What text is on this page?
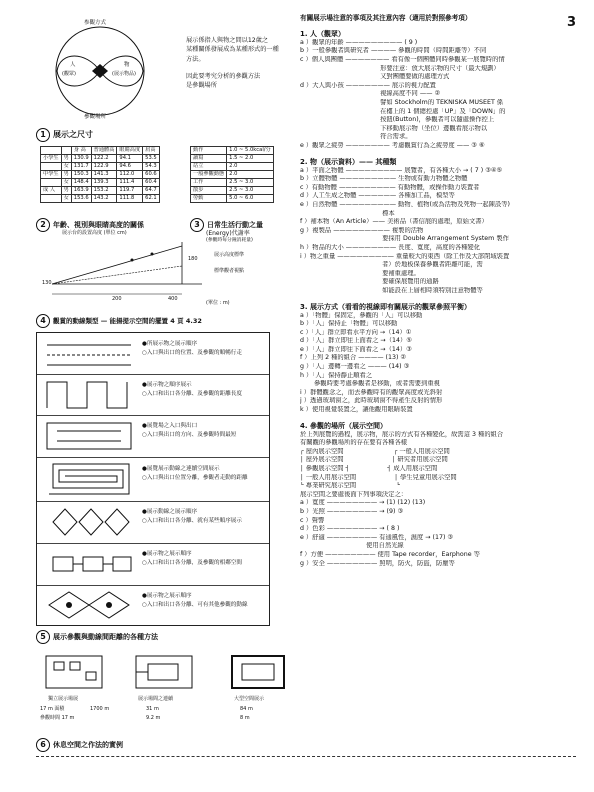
3
参觀方式
人
(觀眾)
物
(展示物品)
參觀場所
展示係指人與物之間以12歲之
某種關係發展成為某種形式的一種
方法。
因此要考究分析的參觀方法
是參觀場所
1 展示之尺寸
		身 高	普通體高	眼睛高度	肩高
小學生	男	130.9	122.2	94.1	53.5
	女	131.7	122.9	94.6	54.3
中學生	男	150.3	141.3	112.0	60.6
	女	148.4	139.3	111.4	60.4
成 人	男	163.9	153.2	119.7	64.7
	女	153.6	143.2	111.8	62.1
動作	1.0 ~ 5.0kcal/分
讀寫	1.5 ~ 2.0
站立	2.0
一般參觀動態	2.0
工作	2.5 ~ 3.0
散步	2.5 ~ 3.0
勞動	5.0 ~ 6.0
2 年齡、視別與眼睛高度的關係
展示台的設置高度 (單位 cm)
3 日常生活行動之量
(Energy)代謝率
(參觀時每分鐘消耗量)
130
180
200	400
展示高度標準
標準觀者視點
(單位 : m)
4 觀賞的動線類型 — 能揚提示空間的擺置 4 頁 4.32
●所展示物之展示順序
○入口與出口的位置、及參觀的順暢行走
●展示物之順序展示
○入口和出口各分離、及參觀的距離長度
●展覽場之入口與出口
○入口與出口的方向、及參觀時間最短
●展覽展示動線之連續空間展示
○入口與出口位置分離，參觀者走動的距離
●展示動線之展示順序
○入口和出口各分離、就有某些順序展示
●展示物之展示順序
○入口和出口各分離，及參觀的相鄰空間
●展示物之展示順序
○入口和出口各分離、可有其他參觀的動線
5 展示參觀與動線間距離的各種方法
獨立展示場展	展示場間之連續	大型空間展示
17 m 面積	1700 m	31 m	84 m
參觀時間 17 m	9.2 m	8 m
6 休息空間之作法的實例
有關展示場注意的事項及其注意內容（適用於對照參考項）
1. 人（觀眾）
a ）觀眾的年齡 ————————— ( 9 )
b ）一般參觀者與研究者 ———— 參觀的時間（時間距離等）不同
c ）個人與團體 ——————— 看有像一個團體同時參觀某一展覽時的情
形要注意：放大展示物的尺寸（最大規劃）
又對團體要做的處理方式
d ）大人與小孩 ——————— 展示的視力配置
視線高度不同 —— ②
譬如 Stockholm的 TEKNISKA MUSEET 係
在樓上的 1 個總控處「UP」及「DOWN」的
按鈕(Button)，參觀者可以隨處操作控上
下移動展示物（坐位）邊觀看展示物以
符合需求。
e ）觀眾之疲勞 ——————— 考慮觀賞行為之疲勞度 —— ③ ⑥
2. 物（展示資料）—— 其種類
a ）平面之物體 ————————— 展覽者，有各種大小 → ( 7 ) ③④⑤
b ）立體物體 ————————— 生物或有動力物體之物體
c ）有動物體 ————————— 有動物體，或操作動力裝置者
d ）人工生成之物體 —————— 各種加工品，模型等
e ）自然物體 ————————— 動物、植物(或為活物及死物一起陳設等)
標本
f ）補本物（An Article）—— 美術品（書信展的處理，原始文書）
g ）複製品 ————————— 複製的活物
要採用 Double Arrangement System 製作
h ）物品的大小 ———————— 長度、寬度，高度的各種變化
i ）物之重量 ————————— 重量較大的東西（除工作及大部閉域裝置
者）於地板保養參觀者距離可能，需
要補重處理。
要確保展覽用的通路
如能設在上層相時須特別注意物體等
3. 展示方式（看看的視線即有關展示的觀眾參照平衡）
a ）「物體」保固定，參觀的「人」可以移動
b ）「人」保持止「物體」可以移動
c ）「人」群立即看水平方向 →（14）①
d ）「人」群立即往上面看之 →（14）⑤
e ）「人」群立即往下面看之 →（14）③
f ）上列 2 種的組合 ———— (13) ②
g ）「人」邊轉一邊看之 ——— (14) ③
h ）「人」保持靜止順看之
參觀時要考處參觀者是移動，或者需要到重視
i ）群體觀念之，而去參觀時有的觀眾高度或光斜射
j ）透過玻璃窗之，此時玻璃窗不得產生反射的情形
k ）使用視覺裝置之，讓他觀用眼睛裝置
4. 參觀的場所（展示空間）
於上列展覽的過程，展示物，展示的方式有各種變化，故需這 3 種的組合
有關觀的參觀場所的存在要有各種各樣
┌ 屋內展示空間                         ┌ 一般人用展示空間
│ 屋外展示空間                        │ 研究者用展示空間
│ 參觀展示空間 ┤                   ┤ 成人用展示空間
│ 一般人用展示空間                   │ 學生兒童用展示空間
└ 專業研究展示空間                    └
展示空間之要處後面下列事項決定之：
a ）寬度 ———————— → (1) (12) (13)
b ）光照 ———————— → (9) ③
c ）聲響
d ）色彩 ———————— → ( 8 )
e ）舒適 ———————— 有通風性，濕度 → (17) ③
使用自然光線
f ）方便 ———————— 使用 Tape recorder，Earphone 等
g ）安全 ———————— 照明，防火，防盜，防塵等
